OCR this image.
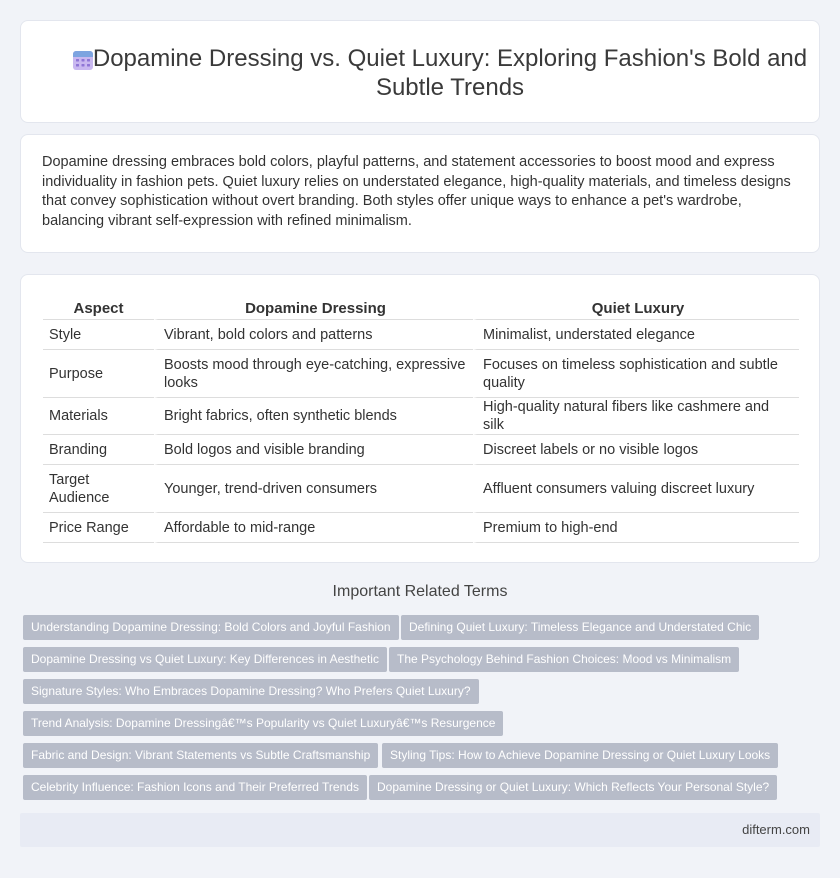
Dopamine Dressing vs. Quiet Luxury: Exploring Fashion's Bold and Subtle Trends

Dopamine dressing embraces bold colors, playful patterns, and statement accessories to boost mood and express individuality in fashion pets. Quiet luxury relies on understated elegance, high-quality materials, and timeless designs that convey sophistication without overt branding. Both styles offer unique ways to enhance a pet's wardrobe, balancing vibrant self-expression with refined minimalism.

Aspect	Dopamine Dressing	Quiet Luxury
Style	Vibrant, bold colors and patterns	Minimalist, understated elegance
Purpose	Boosts mood through eye-catching, expressive looks	Focuses on timeless sophistication and subtle quality
Materials	Bright fabrics, often synthetic blends	High-quality natural fibers like cashmere and silk
Branding	Bold logos and visible branding	Discreet labels or no visible logos
Target Audience	Younger, trend-driven consumers	Affluent consumers valuing discreet luxury
Price Range	Affordable to mid-range	Premium to high-end
Important Related Terms
Understanding Dopamine Dressing: Bold Colors and Joyful Fashion	Defining Quiet Luxury: Timeless Elegance and Understated Chic
Dopamine Dressing vs Quiet Luxury: Key Differences in Aesthetic	The Psychology Behind Fashion Choices: Mood vs Minimalism
Signature Styles: Who Embraces Dopamine Dressing? Who Prefers Quiet Luxury?
Trend Analysis: Dopamine Dressingâ€™s Popularity vs Quiet Luxuryâ€™s Resurgence
Fabric and Design: Vibrant Statements vs Subtle Craftsmanship	Styling Tips: How to Achieve Dopamine Dressing or Quiet Luxury Looks
Celebrity Influence: Fashion Icons and Their Preferred Trends	Dopamine Dressing or Quiet Luxury: Which Reflects Your Personal Style?
difterm.com
